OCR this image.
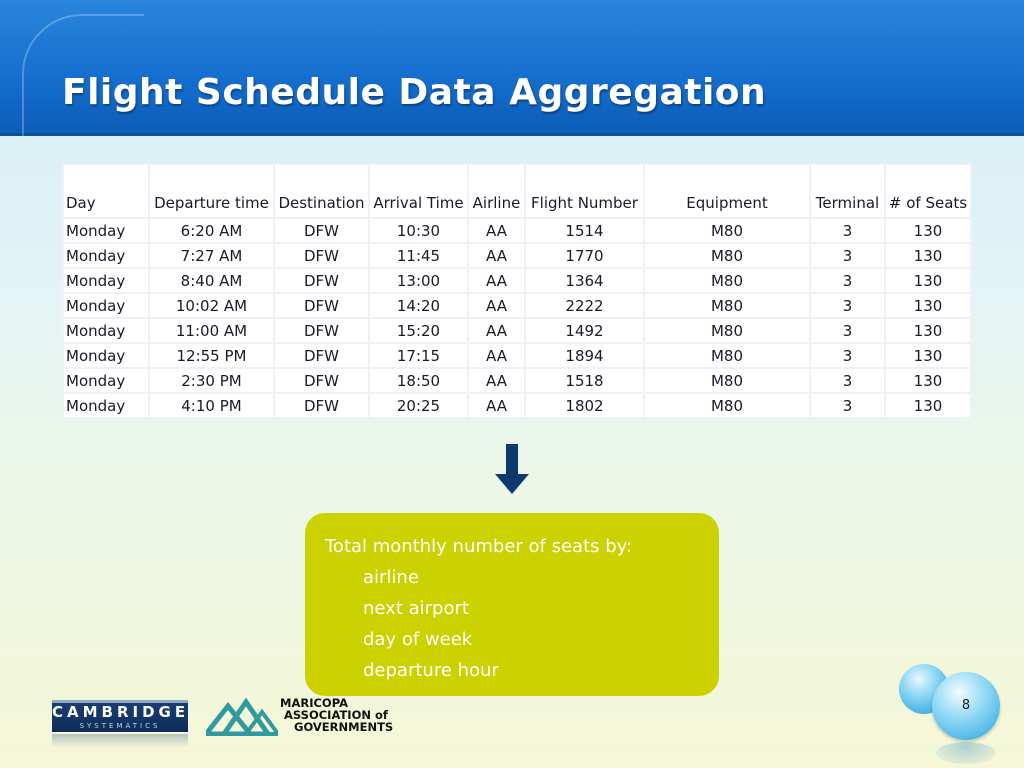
Flight Schedule Data Aggregation
Day	Departure time	Destination	Arrival Time	Airline	Flight Number	Equipment	Terminal	# of Seats
Monday	6:20 AM	DFW	10:30	AA	1514	M80	3	130
Monday	7:27 AM	DFW	11:45	AA	1770	M80	3	130
Monday	8:40 AM	DFW	13:00	AA	1364	M80	3	130
Monday	10:02 AM	DFW	14:20	AA	2222	M80	3	130
Monday	11:00 AM	DFW	15:20	AA	1492	M80	3	130
Monday	12:55 PM	DFW	17:15	AA	1894	M80	3	130
Monday	2:30 PM	DFW	18:50	AA	1518	M80	3	130
Monday	4:10 PM	DFW	20:25	AA	1802	M80	3	130
Total monthly number of seats by:
airline
next airport
day of week
departure hour
CAMBRIDGE
SYSTEMATICS
MARICOPA
ASSOCIATION of
GOVERNMENTS
8
